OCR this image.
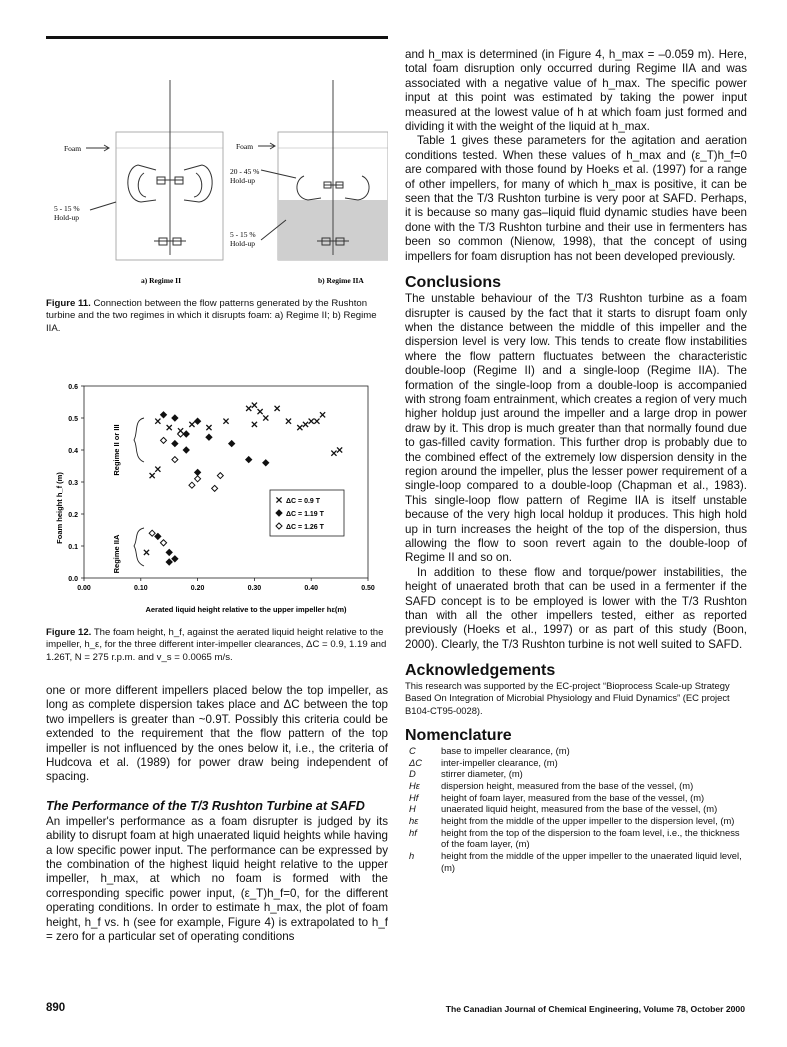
Foam
5 - 15 %
Hold-up
Foam
20 - 45 %
Hold-up
5 - 15 %
Hold-up
a) Regime II	b) Regime IIA
Figure 11. Connection between the flow patterns generated by the Rushton turbine and the two regimes in which it disrupts foam: a) Regime II; b) Regime IIA.
0.0
0.1
0.2
0.3
0.4
0.5
0.6
0.00	0.10	0.20	0.30	0.40	0.50
Aerated liquid height relative to the upper impeller hε(m)
Foam height h_f (m)
Regime II or III
Regime IIA
ΔC = 0.9 T
ΔC = 1.19 T
ΔC = 1.26 T
Figure 12. The foam height, h_f, against the aerated liquid height relative to the impeller, h_ε, for the three different inter-impeller clearances, ΔC = 0.9, 1.19 and 1.26T, N = 275 r.p.m. and v_s = 0.0065 m/s.

one or more different impellers placed below the top impeller, as long as complete dispersion takes place and ΔC between the top two impellers is greater than ~0.9T. Possibly this criteria could be extended to the requirement that the flow pattern of the top impeller is not influenced by the ones below it, i.e., the criteria of Hudcova et al. (1989) for power draw being independent of spacing.

The Performance of the T/3 Rushton Turbine at SAFD

An impeller's performance as a foam disrupter is judged by its ability to disrupt foam at high unaerated liquid heights while having a low specific power input. The performance can be expressed by the combination of the highest liquid height relative to the upper impeller, h_max, at which no foam is formed with the corresponding specific power input, (ε_T)h_f=0, for the different operating conditions. In order to estimate h_max, the plot of foam height, h_f vs. h (see for example, Figure 4) is extrapolated to h_f = zero for a particular set of operating conditions

and h_max is determined (in Figure 4, h_max = –0.059 m). Here, total foam disruption only occurred during Regime IIA and was associated with a negative value of h_max. The specific power input at this point was estimated by taking the power input measured at the lowest value of h at which foam just formed and dividing it with the weight of the liquid at h_max.

Table 1 gives these parameters for the agitation and aeration conditions tested. When these values of h_max and (ε_T)h_f=0 are compared with those found by Hoeks et al. (1997) for a range of other impellers, for many of which h_max is positive, it can be seen that the T/3 Rushton turbine is very poor at SAFD. Perhaps, it is because so many gas–liquid fluid dynamic studies have been done with the T/3 Rushton turbine and their use in fermenters has been so common (Nienow, 1998), that the concept of using impellers for foam disruption has not been developed previously.

Conclusions

The unstable behaviour of the T/3 Rushton turbine as a foam disrupter is caused by the fact that it starts to disrupt foam only when the distance between the middle of this impeller and the dispersion level is very low. This tends to create flow instabilities where the flow pattern fluctuates between the characteristic double-loop (Regime II) and a single-loop (Regime IIA). The formation of the single-loop from a double-loop is accompanied with strong foam entrainment, which creates a region of very much higher holdup just around the impeller and a large drop in power draw by it. This drop is much greater than that normally found due to gas-filled cavity formation. This further drop is probably due to the combined effect of the extremely low dispersion density in the region around the impeller, plus the lesser power requirement of a single-loop compared to a double-loop (Chapman et al., 1983). This single-loop flow pattern of Regime IIA is itself unstable because of the very high local holdup it produces. This high hold up in turn increases the height of the top of the dispersion, thus allowing the flow to soon revert again to the double-loop of Regime II and so on.

In addition to these flow and torque/power instabilities, the height of unaerated broth that can be used in a fermenter if the SAFD concept is to be employed is lower with the T/3 Rushton than with all the other impellers tested, either as reported previously (Hoeks et al., 1997) or as part of this study (Boon, 2000). Clearly, the T/3 Rushton turbine is not well suited to SAFD.

Acknowledgements

This research was supported by the EC-project “Bioprocess Scale-up Strategy Based On Integration of Microbial Physiology and Fluid Dynamics” (EC project B104-CT95-0028).

Nomenclature

C	base to impeller clearance, (m)
ΔC	inter-impeller clearance, (m)
D	stirrer diameter, (m)
Hε	dispersion height, measured from the base of the vessel, (m)
Hf	height of foam layer, measured from the base of the vessel, (m)
H	unaerated liquid height, measured from the base of the vessel, (m)
hε	height from the middle of the upper impeller to the dispersion level, (m)
hf	height from the top of the dispersion to the foam level, i.e., the thickness of the foam layer, (m)
h	height from the middle of the upper impeller to the unaerated liquid level, (m)
890	The Canadian Journal of Chemical Engineering, Volume 78, October 2000
